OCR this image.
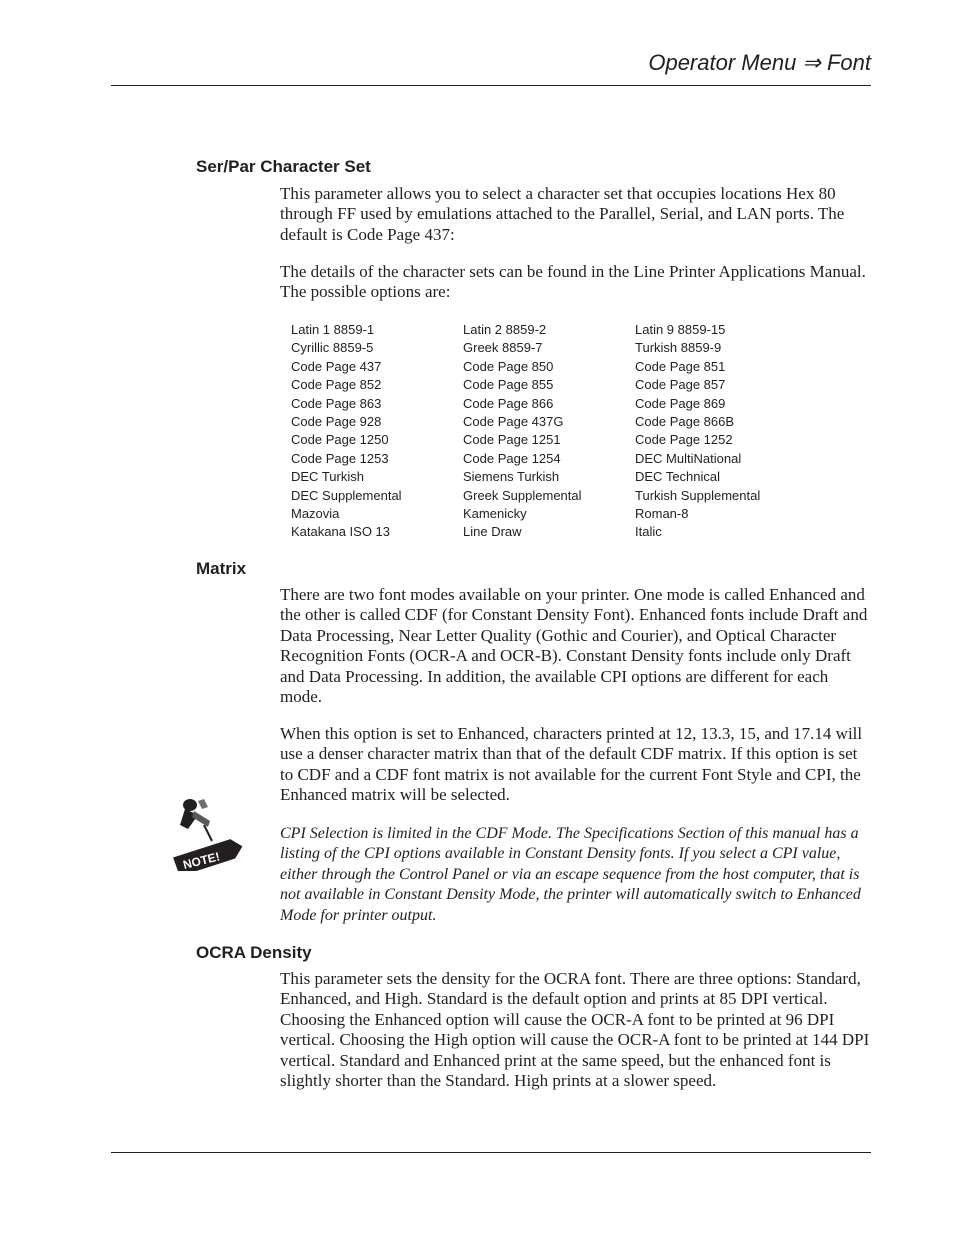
Operator Menu ⇒ Font
Ser/Par Character Set

This parameter allows you to select a character set that occupies locations Hex 80 through FF used by emulations attached to the Parallel, Serial, and LAN ports. The default is Code Page 437:

The details of the character sets can be found in the Line Printer Applications Manual. The possible options are:

Latin 1 8859-1	Latin 2 8859-2	Latin 9 8859-15
Cyrillic 8859-5	Greek 8859-7	Turkish 8859-9
Code Page 437	Code Page 850	Code Page 851
Code Page 852	Code Page 855	Code Page 857
Code Page 863	Code Page 866	Code Page 869
Code Page 928	Code Page 437G	Code Page 866B
Code Page 1250	Code Page 1251	Code Page 1252
Code Page 1253	Code Page 1254	DEC MultiNational
DEC Turkish	Siemens Turkish	DEC Technical
DEC Supplemental	Greek Supplemental	Turkish Supplemental
Mazovia	Kamenicky	Roman-8
Katakana ISO 13	Line Draw	Italic
Matrix

There are two font modes available on your printer. One mode is called Enhanced and the other is called CDF (for Constant Density Font). Enhanced fonts include Draft and Data Processing, Near Letter Quality (Gothic and Courier), and Optical Character Recognition Fonts (OCR-A and OCR-B). Constant Density fonts include only Draft and Data Processing. In addition, the available CPI options are different for each mode.

When this option is set to Enhanced, characters printed at 12, 13.3, 15, and 17.14 will use a denser character matrix than that of the default CDF matrix. If this option is set to CDF and a CDF font matrix is not available for the current Font Style and CPI, the Enhanced matrix will be selected.

NOTE!

CPI Selection is limited in the CDF Mode. The Specifications Section of this manual has a listing of the CPI options available in Constant Density fonts. If you select a CPI value, either through the Control Panel or via an escape sequence from the host computer, that is not available in Constant Density Mode, the printer will automatically switch to Enhanced Mode for printer output.

OCRA Density

This parameter sets the density for the OCRA font. There are three options: Standard, Enhanced, and High. Standard is the default option and prints at 85 DPI vertical. Choosing the Enhanced option will cause the OCR-A font to be printed at 96 DPI vertical. Choosing the High option will cause the OCR-A font to be printed at 144 DPI vertical. Standard and Enhanced print at the same speed, but the enhanced font is slightly shorter than the Standard. High prints at a slower speed.
